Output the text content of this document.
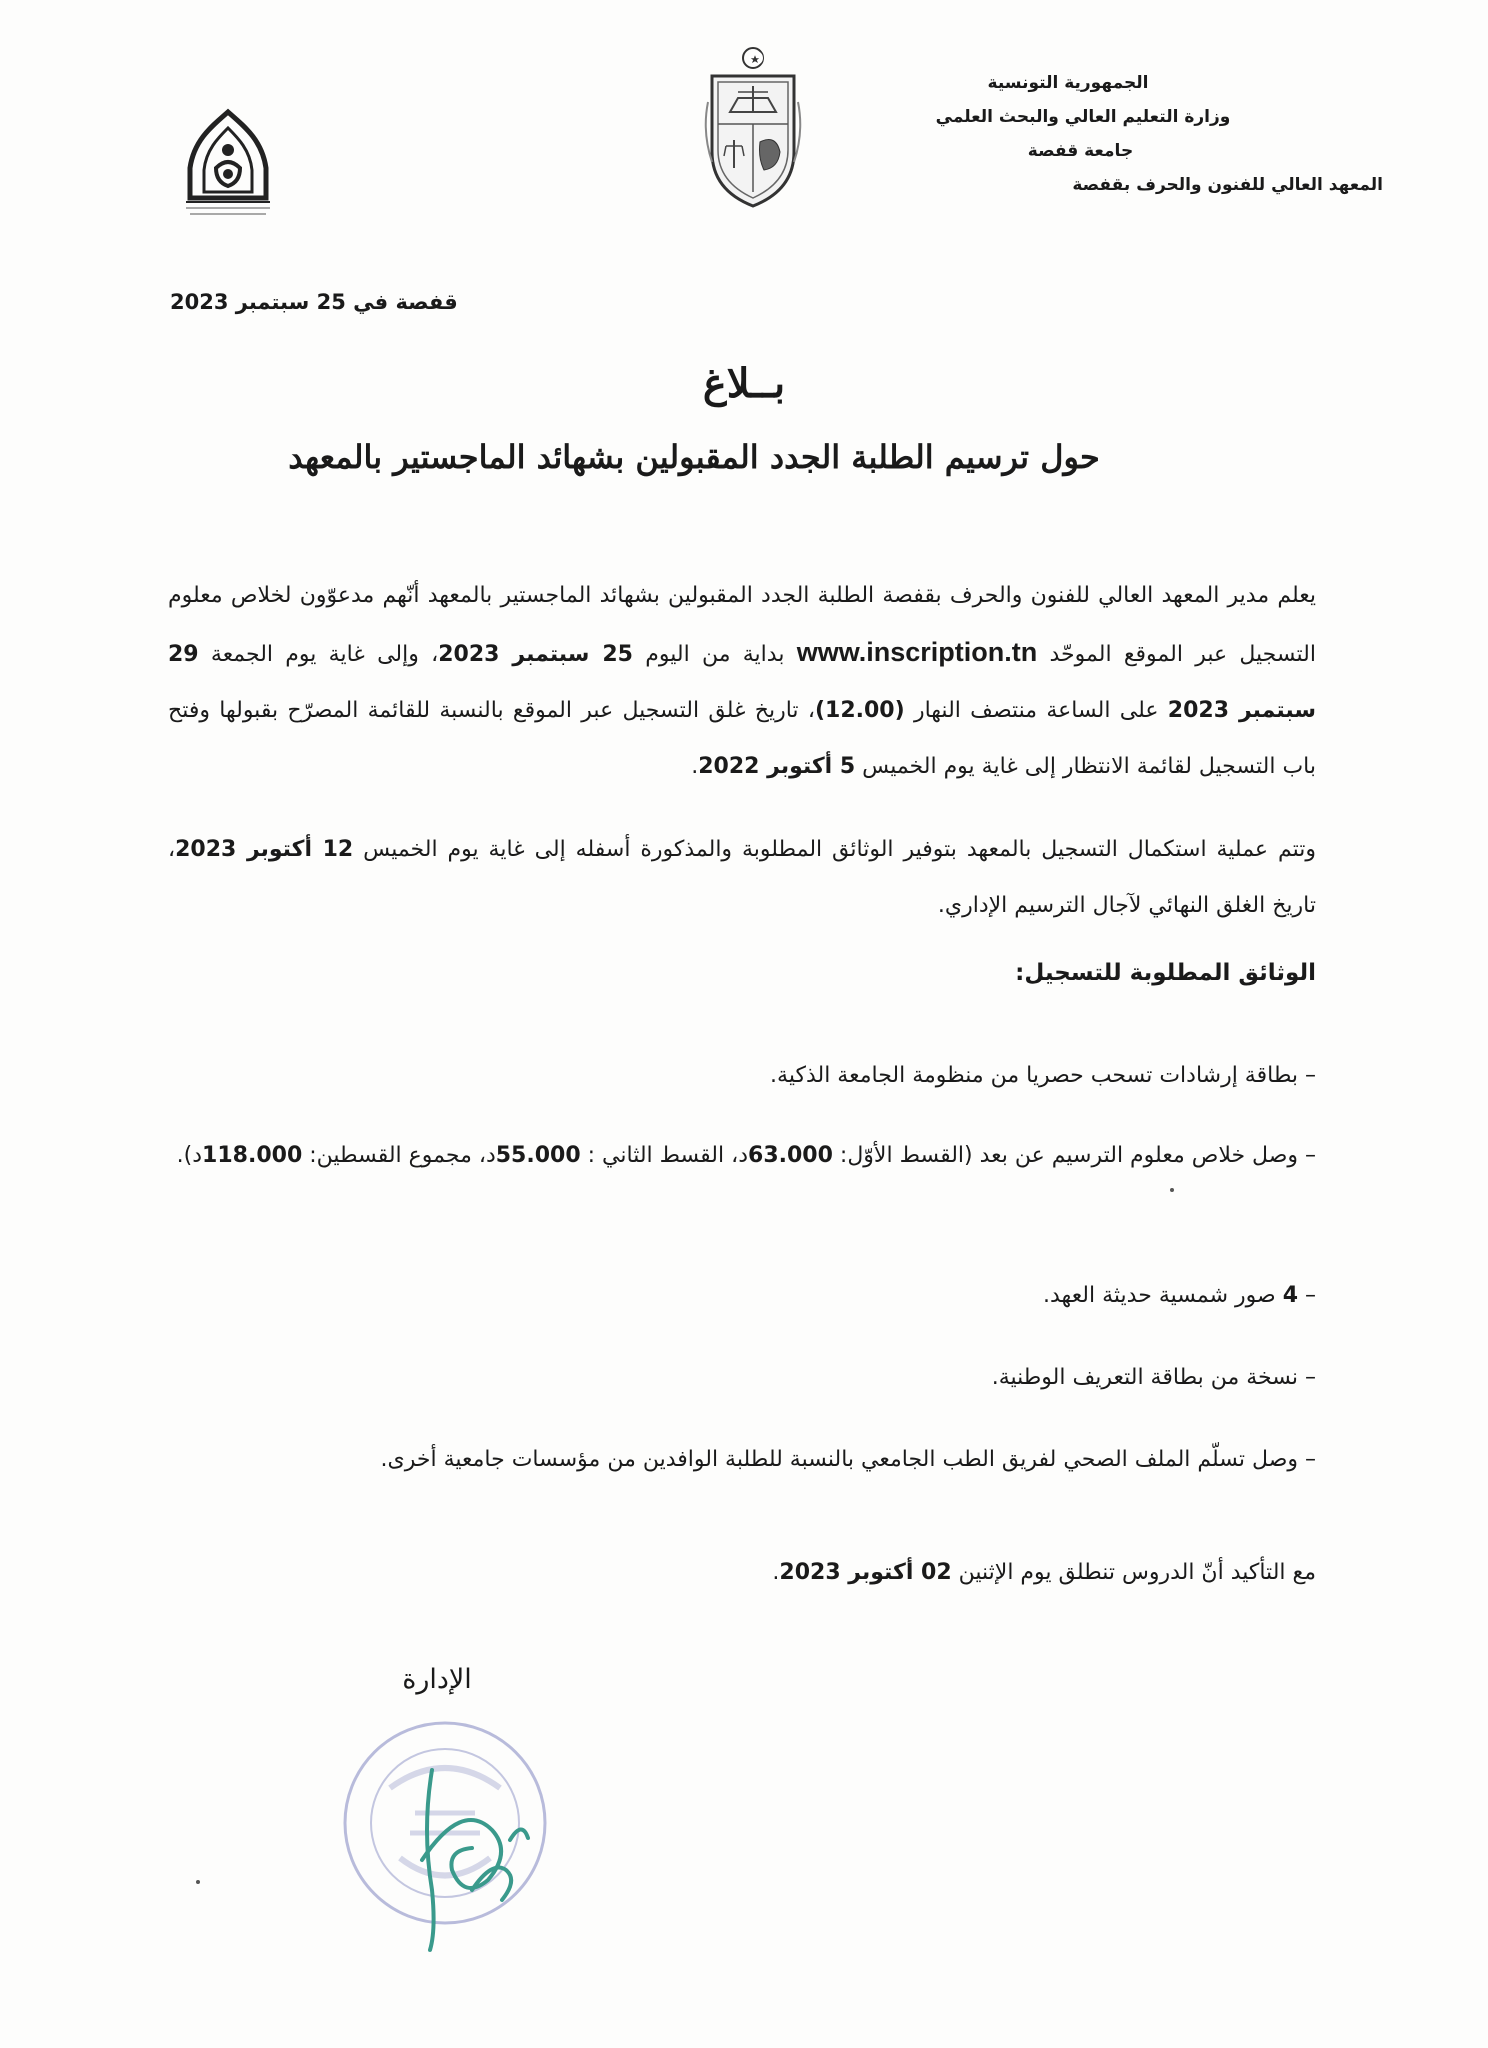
الجمهورية التونسية
وزارة التعليم العالي والبحث العلمي
جامعة قفصة
المعهد العالي للفنون والحرف بقفصة
قفصة في 25 سبتمبر 2023
بــلاغ
حول ترسيم الطلبة الجدد المقبولين بشهائد الماجستير بالمعهد
يعلم مدير المعهد العالي للفنون والحرف بقفصة الطلبة الجدد المقبولين بشهائد الماجستير بالمعهد أنّهم مدعوّون لخلاص معلوم التسجيل عبر الموقع الموحّد www.inscription.tn بداية من اليوم 25 سبتمبر 2023، وإلى غاية يوم الجمعة 29 سبتمبر 2023 على الساعة منتصف النهار (12.00)، تاريخ غلق التسجيل عبر الموقع بالنسبة للقائمة المصرّح بقبولها وفتح باب التسجيل لقائمة الانتظار إلى غاية يوم الخميس 5 أكتوبر 2022.
وتتم عملية استكمال التسجيل بالمعهد بتوفير الوثائق المطلوبة والمذكورة أسفله إلى غاية يوم الخميس 12 أكتوبر 2023، تاريخ الغلق النهائي لآجال الترسيم الإداري.
الوثائق المطلوبة للتسجيل:
– بطاقة إرشادات تسحب حصريا من منظومة الجامعة الذكية.
– وصل خلاص معلوم الترسيم عن بعد (القسط الأوّل: 63.000د، القسط الثاني : 55.000د، مجموع القسطين: 118.000د).
– 4 صور شمسية حديثة العهد.
– نسخة من بطاقة التعريف الوطنية.
– وصل تسلّم الملف الصحي لفريق الطب الجامعي بالنسبة للطلبة الوافدين من مؤسسات جامعية أخرى.
مع التأكيد أنّ الدروس تنطلق يوم الإثنين 02 أكتوبر 2023.
الإدارة
